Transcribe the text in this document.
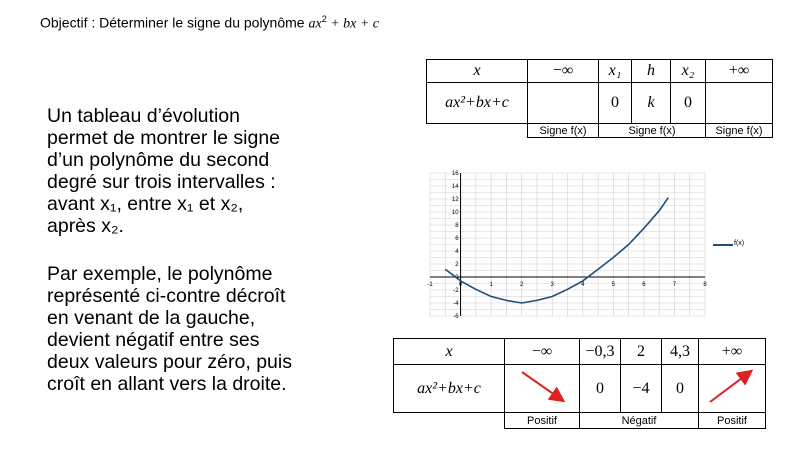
Objectif : Déterminer le signe du polynôme $ax^2$ + bx + c
Un tableau d’évolution
permet de montrer le signe
d’un polynôme du second
degré sur trois intervalles :
avant x₁, entre x₁ et x₂,
après x₂.
Par exemple, le polynôme
représenté ci-contre décroît
en venant de la gauche,
devient négatif entre ses
deux valeurs pour zéro, puis
croît en allant vers la droite.
x	−∞	x₁	h	x₂	+∞
ax²+bx+c		0	k	0	
	Signe f(x)	Signe f(x)			Signe f(x)
-1	0	1	2	3	4	5	6	7	8
-6
-4
-2
0
2
4
6
8
10
12
14
16
f(x)
x	−∞	−0,3	2	4,3	+∞
ax²+bx+c		0	−4	0	
	Positif	Négatif			Positif
